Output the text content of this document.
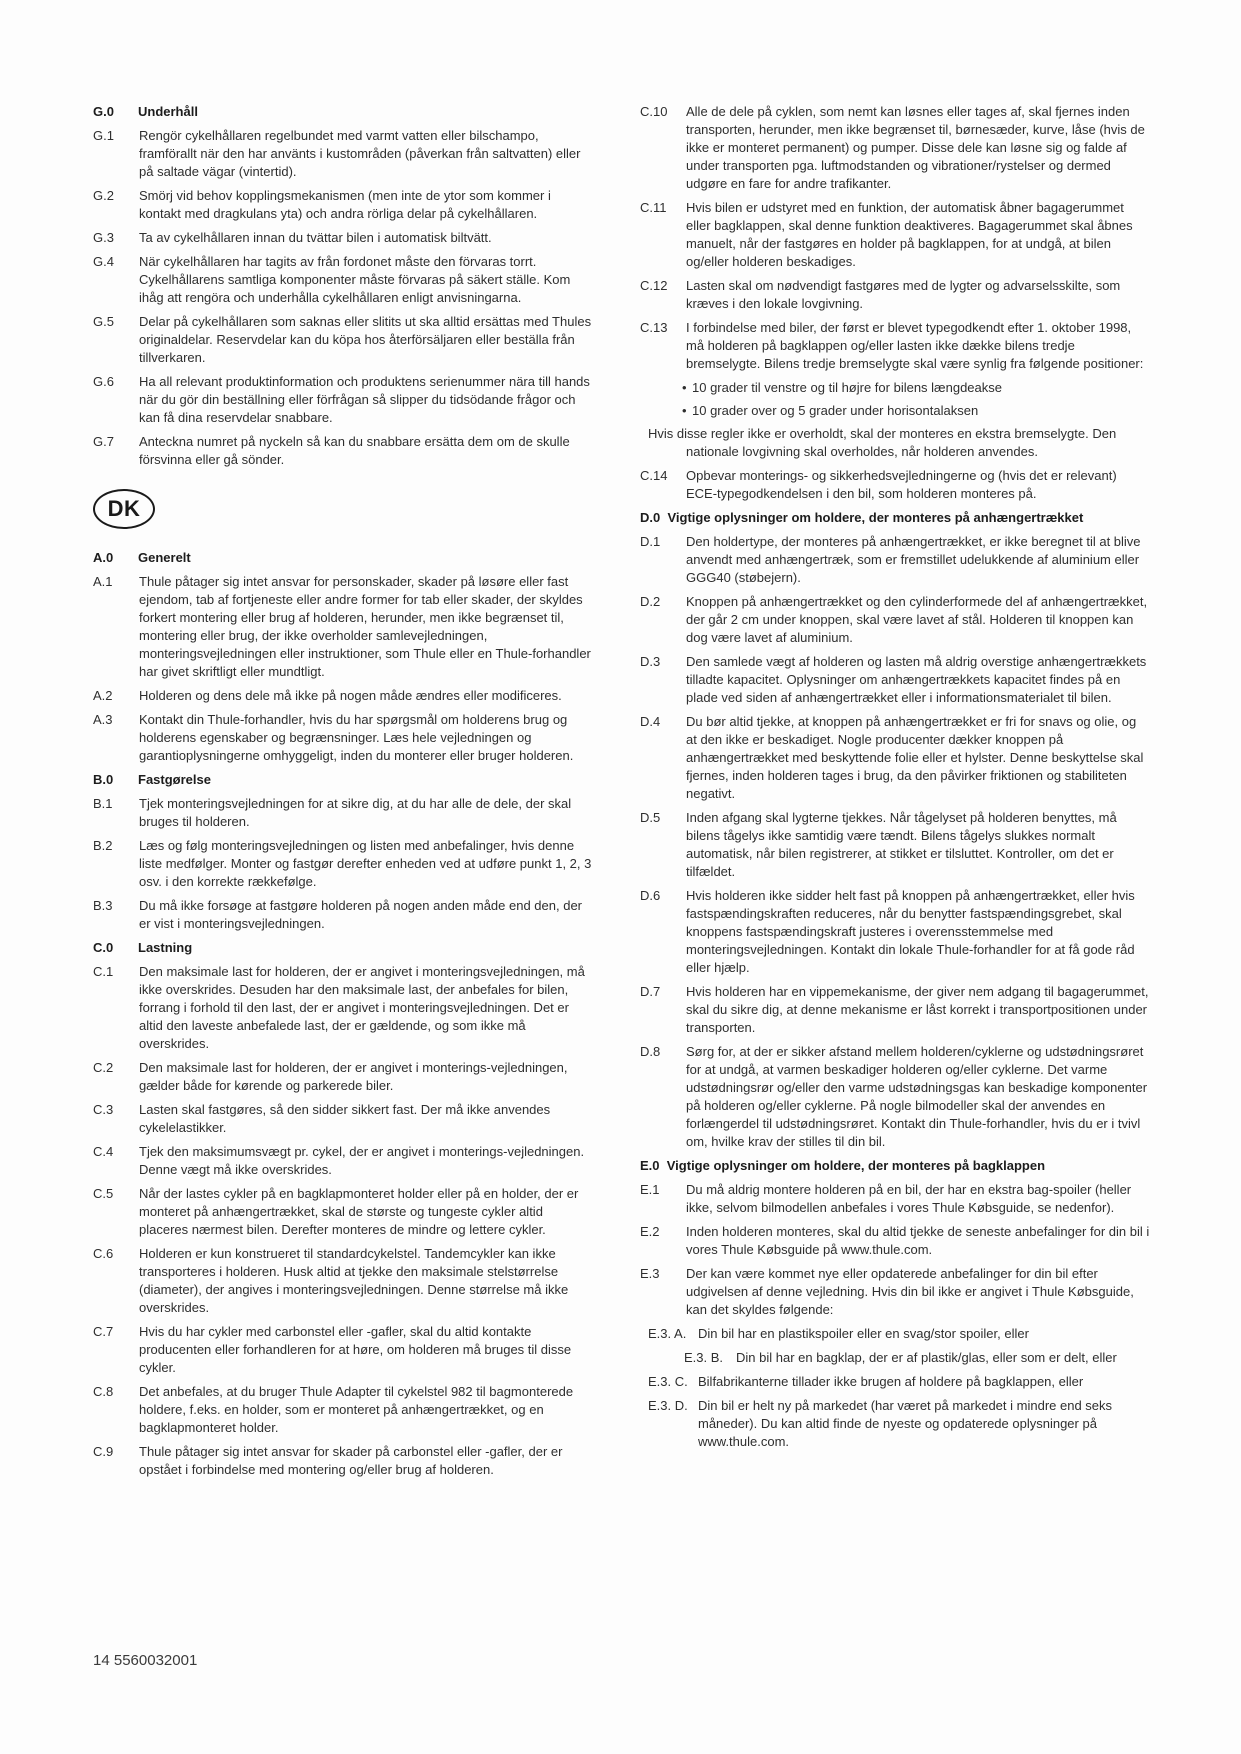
G.0 Underhåll
G.1 Rengör cykelhållaren regelbundet med varmt vatten eller bilschampo, framförallt när den har använts i kustområden (påverkan från saltvatten) eller på saltade vägar (vintertid).
G.2 Smörj vid behov kopplingsmekanismen (men inte de ytor som kommer i kontakt med dragkulans yta) och andra rörliga delar på cykelhållaren.
G.3 Ta av cykelhållaren innan du tvättar bilen i automatisk biltvätt.
G.4 När cykelhållaren har tagits av från fordonet måste den förvaras torrt. Cykelhållarens samtliga komponenter måste förvaras på säkert ställe. Kom ihåg att rengöra och underhålla cykelhållaren enligt anvisningarna.
G.5 Delar på cykelhållaren som saknas eller slitits ut ska alltid ersättas med Thules originaldelar. Reservdelar kan du köpa hos återförsäljaren eller beställa från tillverkaren.
G.6 Ha all relevant produktinformation och produktens serienummer nära till hands när du gör din beställning eller förfrågan så slipper du tidsödande frågor och kan få dina reservdelar snabbare.
G.7 Anteckna numret på nyckeln så kan du snabbare ersätta dem om de skulle försvinna eller gå sönder.
DK
A.0 Generelt
A.1 Thule påtager sig intet ansvar for personskader, skader på løsøre eller fast ejendom, tab af fortjeneste eller andre former for tab eller skader, der skyldes forkert montering eller brug af holderen, herunder, men ikke begrænset til, montering eller brug, der ikke overholder samlevejledningen, monteringsvejledningen eller instruktioner, som Thule eller en Thule-forhandler har givet skriftligt eller mundtligt.
A.2 Holderen og dens dele må ikke på nogen måde ændres eller modificeres.
A.3 Kontakt din Thule-forhandler, hvis du har spørgsmål om holderens brug og holderens egenskaber og begrænsninger. Læs hele vejledningen og garantioplysningerne omhyggeligt, inden du monterer eller bruger holderen.
B.0 Fastgørelse
B.1 Tjek monteringsvejledningen for at sikre dig, at du har alle de dele, der skal bruges til holderen.
B.2 Læs og følg monteringsvejledningen og listen med anbefalinger, hvis denne liste medfølger. Monter og fastgør derefter enheden ved at udføre punkt 1, 2, 3 osv. i den korrekte rækkefølge.
B.3 Du må ikke forsøge at fastgøre holderen på nogen anden måde end den, der er vist i monteringsvejledningen.
C.0 Lastning
C.1 Den maksimale last for holderen, der er angivet i monteringsvejledningen, må ikke overskrides. Desuden har den maksimale last, der anbefales for bilen, forrang i forhold til den last, der er angivet i monteringsvejledningen. Det er altid den laveste anbefalede last, der er gældende, og som ikke må overskrides.
C.2 Den maksimale last for holderen, der er angivet i monterings-vejledningen, gælder både for kørende og parkerede biler.
C.3 Lasten skal fastgøres, så den sidder sikkert fast. Der må ikke anvendes cykelelastikker.
C.4 Tjek den maksimumsvægt pr. cykel, der er angivet i monterings-vejledningen. Denne vægt må ikke overskrides.
C.5 Når der lastes cykler på en bagklapmonteret holder eller på en holder, der er monteret på anhængertrækket, skal de største og tungeste cykler altid placeres nærmest bilen. Derefter monteres de mindre og lettere cykler.
C.6 Holderen er kun konstrueret til standardcykelstel. Tandemcykler kan ikke transporteres i holderen. Husk altid at tjekke den maksimale stelstørrelse (diameter), der angives i monteringsvejledningen. Denne størrelse må ikke overskrides.
C.7 Hvis du har cykler med carbonstel eller -gafler, skal du altid kontakte producenten eller forhandleren for at høre, om holderen må bruges til disse cykler.
C.8 Det anbefales, at du bruger Thule Adapter til cykelstel 982 til bagmonterede holdere, f.eks. en holder, som er monteret på anhængertrækket, og en bagklapmonteret holder.
C.9 Thule påtager sig intet ansvar for skader på carbonstel eller -gafler, der er opstået i forbindelse med montering og/eller brug af holderen.
C.10 Alle de dele på cyklen, som nemt kan løsnes eller tages af, skal fjernes inden transporten, herunder, men ikke begrænset til, børnesæder, kurve, låse (hvis de ikke er monteret permanent) og pumper. Disse dele kan løsne sig og falde af under transporten pga. luftmodstanden og vibrationer/rystelser og dermed udgøre en fare for andre trafikanter.
C.11 Hvis bilen er udstyret med en funktion, der automatisk åbner bagagerummet eller bagklappen, skal denne funktion deaktiveres. Bagagerummet skal åbnes manuelt, når der fastgøres en holder på bagklappen, for at undgå, at bilen og/eller holderen beskadiges.
C.12 Lasten skal om nødvendigt fastgøres med de lygter og advarselsskilte, som kræves i den lokale lovgivning.
C.13 I forbindelse med biler, der først er blevet typegodkendt efter 1. oktober 1998, må holderen på bagklappen og/eller lasten ikke dække bilens tredje bremselygte. Bilens tredje bremselygte skal være synlig fra følgende positioner:
• 10 grader til venstre og til højre for bilens længdeakse
• 10 grader over og 5 grader under horisontalaksen
Hvis disse regler ikke er overholdt, skal der monteres en ekstra bremselygte. Den nationale lovgivning skal overholdes, når holderen anvendes.
C.14 Opbevar monterings- og sikkerhedsvejledningerne og (hvis det er relevant) ECE-typegodkendelsen i den bil, som holderen monteres på.
D.0 Vigtige oplysninger om holdere, der monteres på anhængertrækket
D.1 Den holdertype, der monteres på anhængertrækket, er ikke beregnet til at blive anvendt med anhængertræk, som er fremstillet udelukkende af aluminium eller GGG40 (støbejern).
D.2 Knoppen på anhængertrækket og den cylinderformede del af anhængertrækket, der går 2 cm under knoppen, skal være lavet af stål. Holderen til knoppen kan dog være lavet af aluminium.
D.3 Den samlede vægt af holderen og lasten må aldrig overstige anhængertrækkets tilladte kapacitet. Oplysninger om anhængertrækkets kapacitet findes på en plade ved siden af anhængertrækket eller i informationsmaterialet til bilen.
D.4 Du bør altid tjekke, at knoppen på anhængertrækket er fri for snavs og olie, og at den ikke er beskadiget. Nogle producenter dækker knoppen på anhængertrækket med beskyttende folie eller et hylster. Denne beskyttelse skal fjernes, inden holderen tages i brug, da den påvirker friktionen og stabiliteten negativt.
D.5 Inden afgang skal lygterne tjekkes. Når tågelyset på holderen benyttes, må bilens tågelys ikke samtidig være tændt. Bilens tågelys slukkes normalt automatisk, når bilen registrerer, at stikket er tilsluttet. Kontroller, om det er tilfældet.
D.6 Hvis holderen ikke sidder helt fast på knoppen på anhængertrækket, eller hvis fastspændingskraften reduceres, når du benytter fastspændingsgrebet, skal knoppens fastspændingskraft justeres i overensstemmelse med monteringsvejledningen. Kontakt din lokale Thule-forhandler for at få gode råd eller hjælp.
D.7 Hvis holderen har en vippemekanisme, der giver nem adgang til bagagerummet, skal du sikre dig, at denne mekanisme er låst korrekt i transportpositionen under transporten.
D.8 Sørg for, at der er sikker afstand mellem holderen/cyklerne og udstødningsrøret for at undgå, at varmen beskadiger holderen og/eller cyklerne. Det varme udstødningsrør og/eller den varme udstødningsgas kan beskadige komponenter på holderen og/eller cyklerne. På nogle bilmodeller skal der anvendes en forlængerdel til udstødningsrøret. Kontakt din Thule-forhandler, hvis du er i tvivl om, hvilke krav der stilles til din bil.
E.0 Vigtige oplysninger om holdere, der monteres på bagklappen
E.1 Du må aldrig montere holderen på en bil, der har en ekstra bag-spoiler (heller ikke, selvom bilmodellen anbefales i vores Thule Købsguide, se nedenfor).
E.2 Inden holderen monteres, skal du altid tjekke de seneste anbefalinger for din bil i vores Thule Købsguide på www.thule.com.
E.3 Der kan være kommet nye eller opdaterede anbefalinger for din bil efter udgivelsen af denne vejledning. Hvis din bil ikke er angivet i Thule Købsguide, kan det skyldes følgende:
E.3. A. Din bil har en plastikspoiler eller en svag/stor spoiler, eller
E.3. B. Din bil har en bagklap, der er af plastik/glas, eller som er delt, eller
E.3. C. Bilfabrikanterne tillader ikke brugen af holdere på bagklappen, eller
E.3. D. Din bil er helt ny på markedet (har været på markedet i mindre end seks måneder). Du kan altid finde de nyeste og opdaterede oplysninger på www.thule.com.
14 5560032001
